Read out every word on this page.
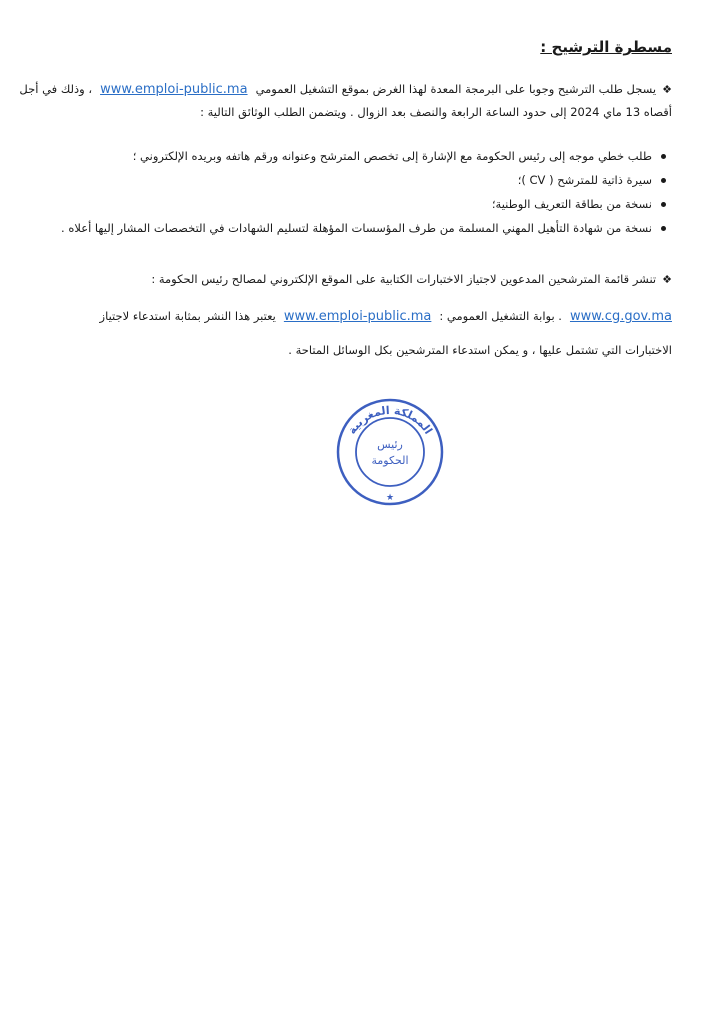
مسطرة الترشيح :
❖يسجل طلب الترشيح وجوبا على البرمجة المعدة لهذا الغرض بموقع التشغيل العموميwww.emploi-public.ma، وذلك في أجل
أقصاه 13 ماي 2024 إلى حدود الساعة الرابعة والنصف بعد الزوال . ويتضمن الطلب الوثائق التالية :
طلب خطي موجه إلى رئيس الحكومة مع الإشارة إلى تخصص المترشح وعنوانه ورقم هاتفه وبريده الإلكتروني ؛
سيرة ذاتية للمترشح ( CV )؛
نسخة من بطاقة التعريف الوطنية؛
نسخة من شهادة التأهيل المهني المسلمة من طرف المؤسسات المؤهلة لتسليم الشهادات في التخصصات المشار إليها أعلاه .
❖تنشر قائمة المترشحين المدعوين لاجتياز الاختبارات الكتابية على الموقع الإلكتروني لمصالح رئيس الحكومة :
www.cg.gov.ma. بوابة التشغيل العمومي :www.emploi-public.maيعتبر هذا النشر بمثابة استدعاء لاجتياز
الاختبارات التي تشتمل عليها ، و يمكن استدعاء المترشحين بكل الوسائل المتاحة .
المملكة المغربية
رئيس
الحكومة
★
